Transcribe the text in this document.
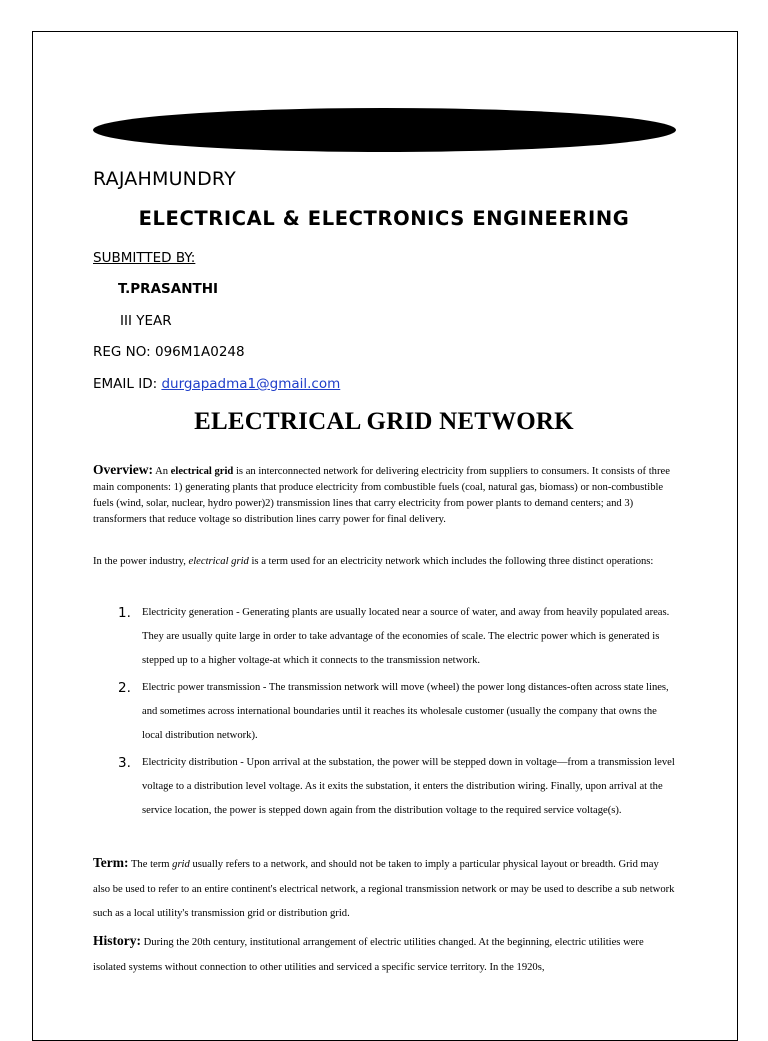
RAJAHMUNDRY
ELECTRICAL & ELECTRONICS ENGINEERING
SUBMITTED BY:
T.PRASANTHI
III YEAR
REG NO: 096M1A0248
EMAIL ID: durgapadma1@gmail.com
ELECTRICAL GRID NETWORK
Overview: An electrical grid is an interconnected network for delivering electricity from suppliers to consumers. It consists of three main components: 1) generating plants that produce electricity from combustible fuels (coal, natural gas, biomass) or non-combustible fuels (wind, solar, nuclear, hydro power)2) transmission lines that carry electricity from power plants to demand centers; and 3) transformers that reduce voltage so distribution lines carry power for final delivery.
In the power industry, electrical grid is a term used for an electricity network which includes the following three distinct operations:
1. Electricity generation - Generating plants are usually located near a source of water, and away from heavily populated areas. They are usually quite large in order to take advantage of the economies of scale. The electric power which is generated is stepped up to a higher voltage-at which it connects to the transmission network.
2. Electric power transmission - The transmission network will move (wheel) the power long distances-often across state lines, and sometimes across international boundaries until it reaches its wholesale customer (usually the company that owns the local distribution network).
3. Electricity distribution - Upon arrival at the substation, the power will be stepped down in voltage—from a transmission level voltage to a distribution level voltage. As it exits the substation, it enters the distribution wiring. Finally, upon arrival at the service location, the power is stepped down again from the distribution voltage to the required service voltage(s).
Term: The term grid usually refers to a network, and should not be taken to imply a particular physical layout or breadth. Grid may also be used to refer to an entire continent's electrical network, a regional transmission network or may be used to describe a sub network such as a local utility's transmission grid or distribution grid.
History: During the 20th century, institutional arrangement of electric utilities changed. At the beginning, electric utilities were isolated systems without connection to other utilities and serviced a specific service territory. In the 1920s,
